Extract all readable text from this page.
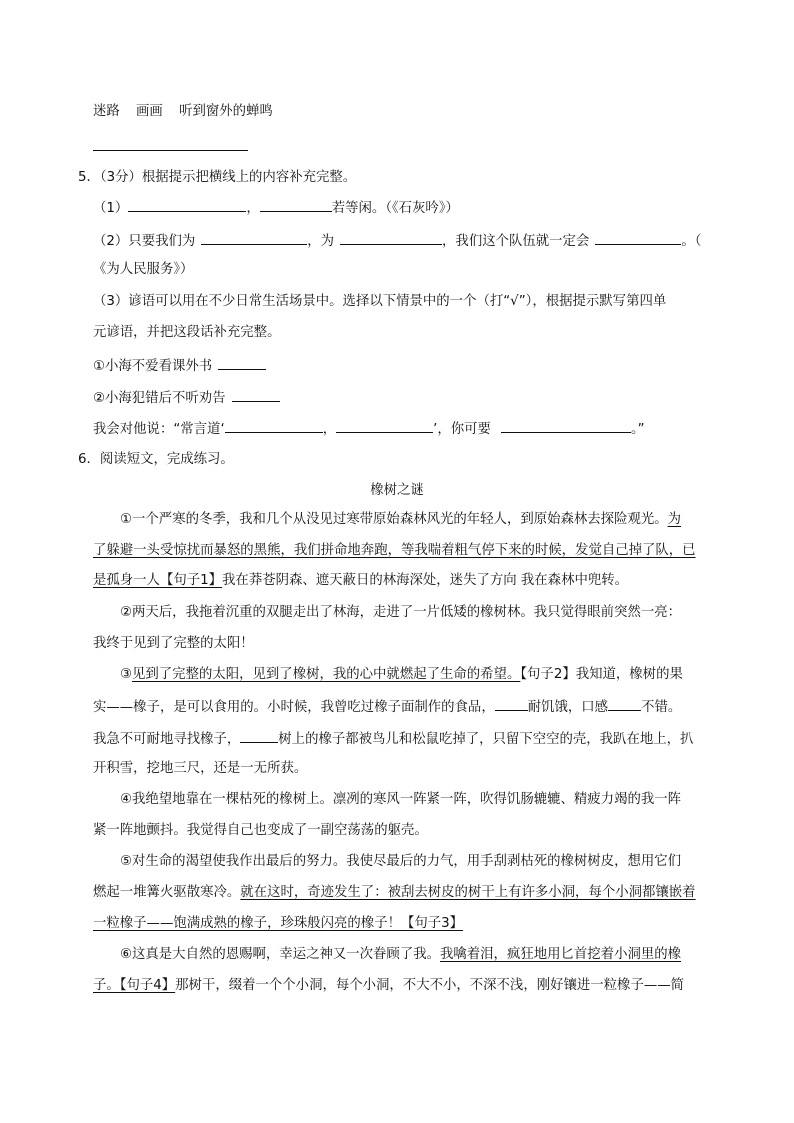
迷路 画画 听到窗外的蝉鸣
5．（3分）根据提示把横线上的内容补充完整。
（1）	，	若等闲。（《石灰吟》）
（2）只要我们为	，为	，我们这个队伍就一定会	。（
《为人民服务》）
（3）谚语可以用在不少日常生活场景中。选择以下情景中的一个（打“√”），根据提示默写第四单
元谚语，并把这段话补充完整。
①小海不爱看课外书
②小海犯错后不听劝告
我会对他说：“常言道‘	，	’，你可要	。”
6．阅读短文，完成练习。
橡树之谜
①一个严寒的冬季，我和几个从没见过寒带原始森林风光的年轻人，到原始森林去探险观光。为
了躲避一头受惊扰而暴怒的黑熊，我们拼命地奔跑，等我喘着粗气停下来的时候，发觉自己掉了队，已
是孤身一人【句子1】我在莽苍阴森、遮天蔽日的林海深处，迷失了方向 我在森林中兜转。
②两天后，我拖着沉重的双腿走出了林海，走进了一片低矮的橡树林。我只觉得眼前突然一亮：
我终于见到了完整的太阳！
③见到了完整的太阳，见到了橡树，我的心中就燃起了生命的希望。【句子2】我知道，橡树的果
实——橡子，是可以食用的。小时候，我曾吃过橡子面制作的食品， 耐饥饿，口感 不错。
我急不可耐地寻找橡子，	树上的橡子都被鸟儿和松鼠吃掉了，只留下空空的壳，我趴在地上，扒
开积雪，挖地三尺，还是一无所获。
④我绝望地靠在一棵枯死的橡树上。凛冽的寒风一阵紧一阵，吹得饥肠辘辘、精疲力竭的我一阵
紧一阵地颤抖。我觉得自己也变成了一副空荡荡的躯壳。
⑤对生命的渴望使我作出最后的努力。我使尽最后的力气，用手刮剥枯死的橡树树皮，想用它们
燃起一堆篝火驱散寒冷。就在这时，奇迹发生了：被刮去树皮的树干上有许多小洞，每个小洞都镶嵌着
一粒橡子——饱满成熟的橡子，珍珠般闪亮的橡子！【句子3】
⑥这真是大自然的恩赐啊，幸运之神又一次眷顾了我。我噙着泪，疯狂地用匕首挖着小洞里的橡
子。【句子4】那树干，缀着一个个小洞，每个小洞，不大不小，不深不浅，刚好镶进一粒橡子——简
